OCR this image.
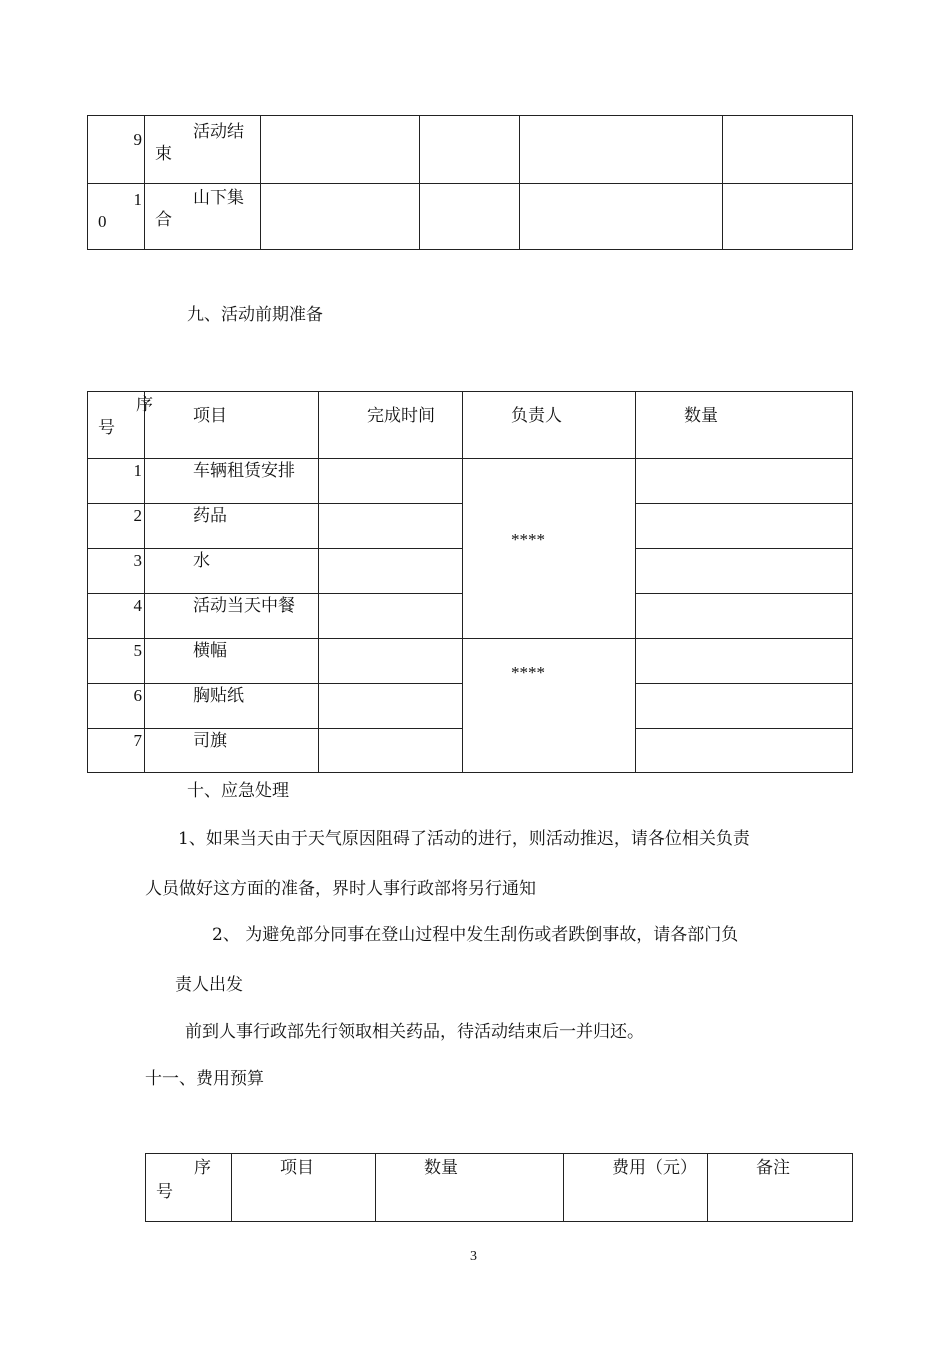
9	活动结
束				

1
0	山下集
合				

九、活动前期准备
序
号	项目	完成时间	负责人	数量

1	车辆租赁安排		****	

2	药品			

3	水			

4	活动当天中餐			

5	横幅		****	

6	胸贴纸			

7	司旗			

十、应急处理
1、如果当天由于天气原因阻碍了活动的进行，则活动推迟，请各位相关负责
人员做好这方面的准备，界时人事行政部将另行通知
2、 为避免部分同事在登山过程中发生刮伤或者跌倒事故，请各部门负
责人出发
前到人事行政部先行领取相关药品，待活动结束后一并归还。
十一、费用预算
序
号

项目	数量	费用（元）	备注
3
